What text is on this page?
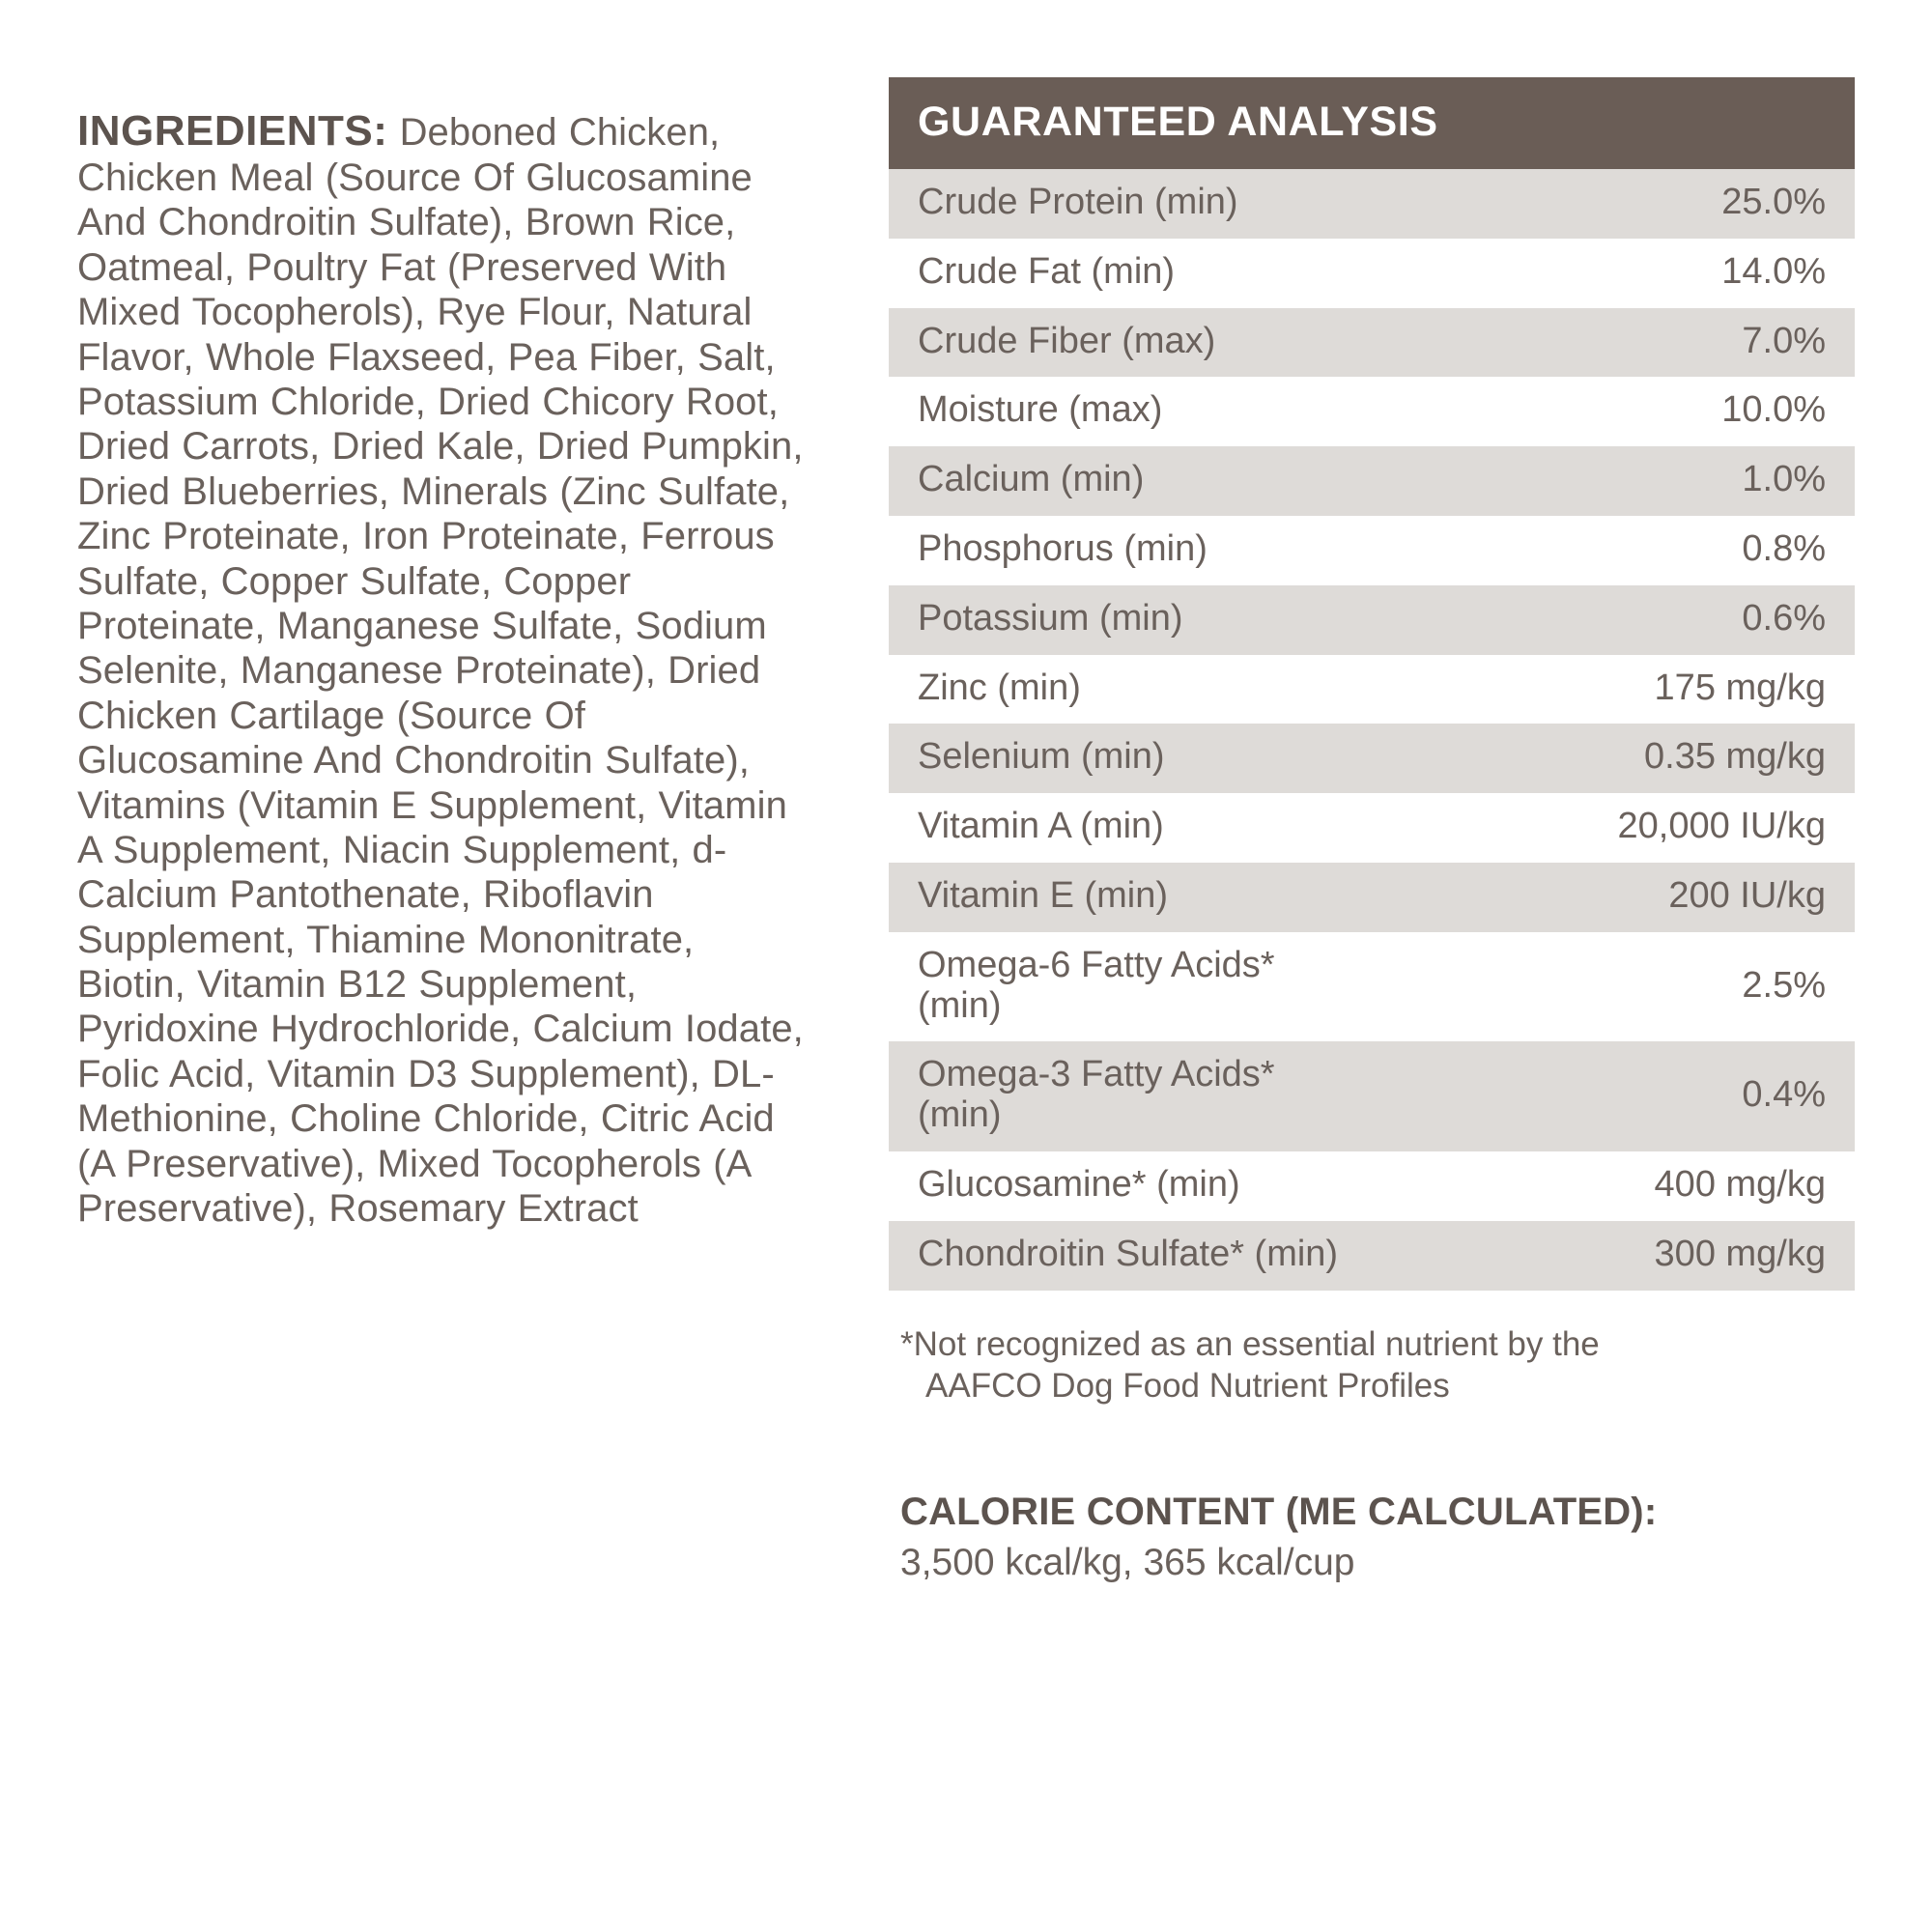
INGREDIENTS: Deboned Chicken, Chicken Meal (Source Of Glucosamine And Chondroitin Sulfate), Brown Rice, Oatmeal, Poultry Fat (Preserved With Mixed Tocopherols), Rye Flour, Natural Flavor, Whole Flaxseed, Pea Fiber, Salt, Potassium Chloride, Dried Chicory Root, Dried Carrots, Dried Kale, Dried Pumpkin, Dried Blueberries, Minerals (Zinc Sulfate, Zinc Proteinate, Iron Proteinate, Ferrous Sulfate, Copper Sulfate, Copper Proteinate, Manganese Sulfate, Sodium Selenite, Manganese Proteinate), Dried Chicken Cartilage (Source Of Glucosamine And Chondroitin Sulfate), Vitamins (Vitamin E Supplement, Vitamin A Supplement, Niacin Supplement, d-Calcium Pantothenate, Riboflavin Supplement, Thiamine Mononitrate, Biotin, Vitamin B12 Supplement, Pyridoxine Hydrochloride, Calcium Iodate, Folic Acid, Vitamin D3 Supplement), DL-Methionine, Choline Chloride, Citric Acid (A Preservative), Mixed Tocopherols (A Preservative), Rosemary Extract

GUARANTEED ANALYSIS
Crude Protein (min)	25.0%
Crude Fat (min)	14.0%
Crude Fiber (max)	7.0%
Moisture (max)	10.0%
Calcium (min)	1.0%
Phosphorus (min)	0.8%
Potassium (min)	0.6%
Zinc (min)	175 mg/kg
Selenium (min)	0.35 mg/kg
Vitamin A (min)	20,000 IU/kg
Vitamin E (min)	200 IU/kg
Omega-6 Fatty Acids* (min)	2.5%
Omega-3 Fatty Acids* (min)	0.4%
Glucosamine* (min)	400 mg/kg
Chondroitin Sulfate* (min)	300 mg/kg
*Not recognized as an essential nutrient by the
AAFCO Dog Food Nutrient Profiles
CALORIE CONTENT (ME CALCULATED):
3,500 kcal/kg, 365 kcal/cup
